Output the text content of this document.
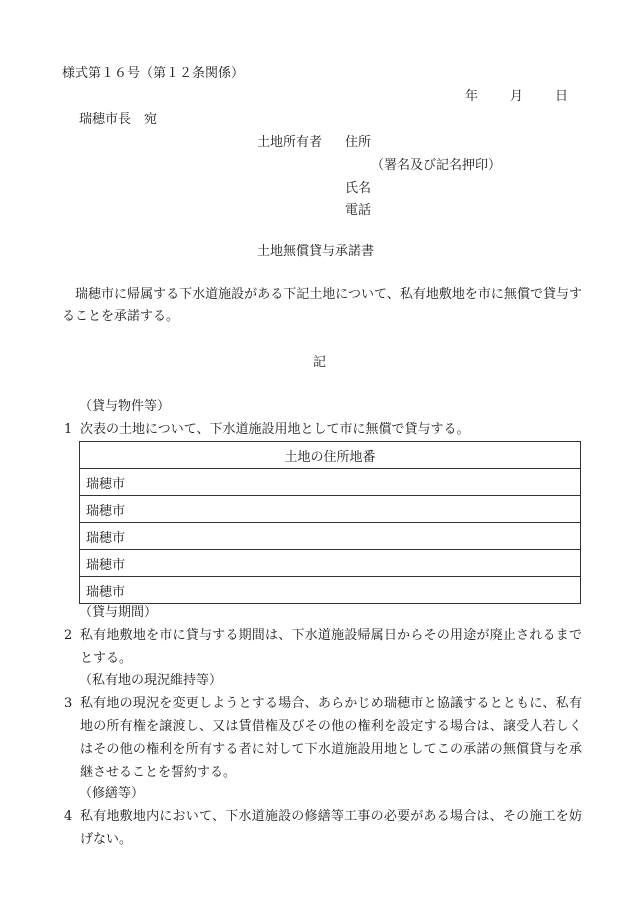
様式第１６号（第１２条関係）
年 月 日
瑞穂市長　宛
土地所有者 住所
（署名及び記名押印）
氏名
電話
土地無償貸与承諾書
瑞穂市に帰属する下水道施設がある下記土地について、私有地敷地を市に無償で貸与することを承諾する。
記
（貸与物件等）
1 次表の土地について、下水道施設用地として市に無償で貸与する。
土地の住所地番
瑞穂市
瑞穂市
瑞穂市
瑞穂市
瑞穂市
（貸与期間）
2 私有地敷地を市に貸与する期間は、下水道施設帰属日からその用途が廃止されるまでとする。
（私有地の現況維持等）
3 私有地の現況を変更しようとする場合、あらかじめ瑞穂市と協議するとともに、私有地の所有権を譲渡し、又は賃借権及びその他の権利を設定する場合は、譲受人若しくはその他の権利を所有する者に対して下水道施設用地としてこの承諾の無償貸与を承継させることを誓約する。
（修繕等）
4 私有地敷地内において、下水道施設の修繕等工事の必要がある場合は、その施工を妨げない。
